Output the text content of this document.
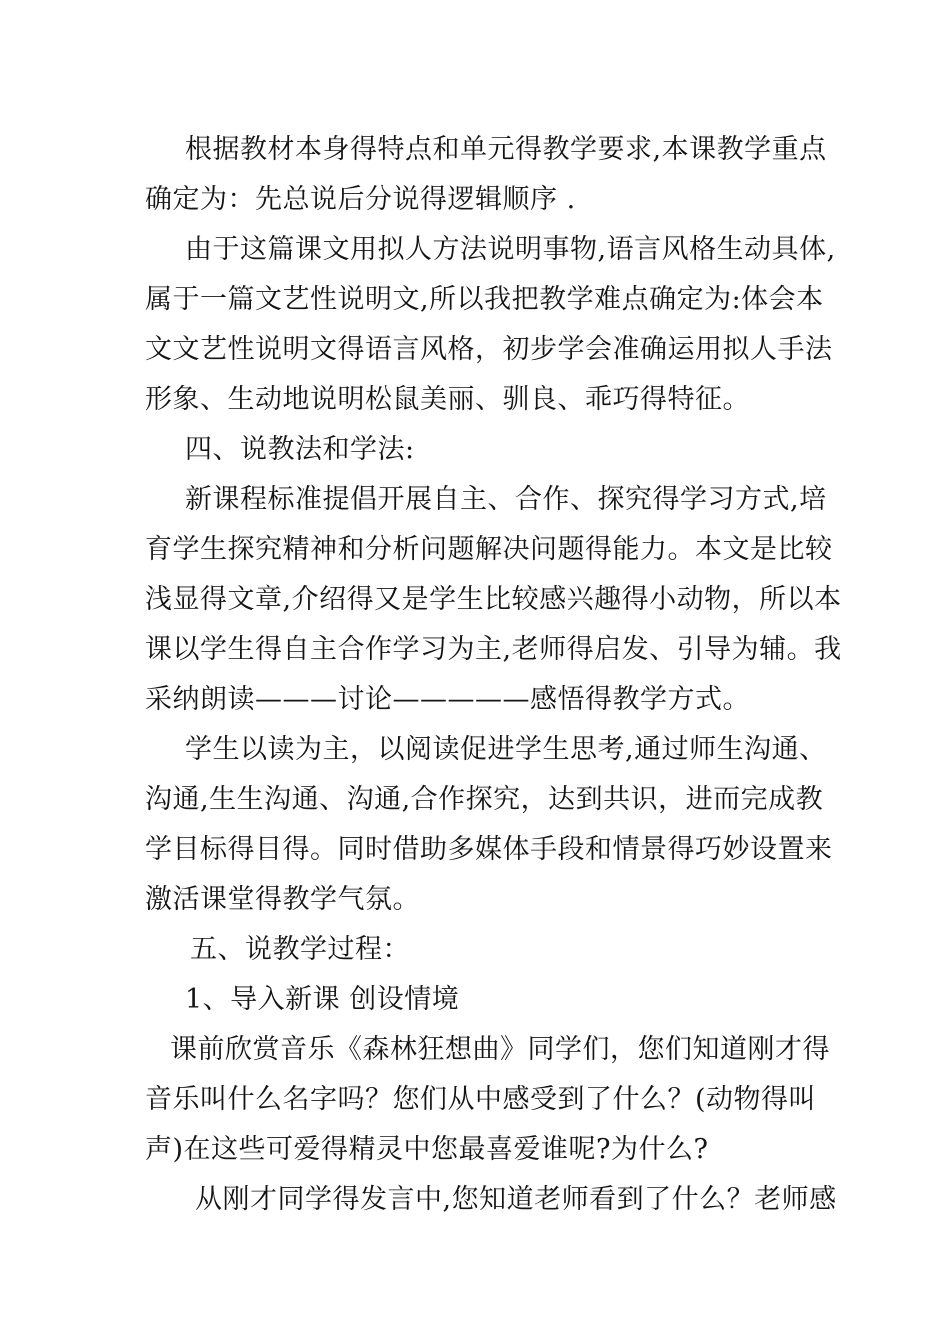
根据教材本身得特点和单元得教学要求,本课教学重点
确定为：先总说后分说得逻辑顺序 .
由于这篇课文用拟人方法说明事物,语言风格生动具体,
属于一篇文艺性说明文,所以我把教学难点确定为:体会本
文文艺性说明文得语言风格，初步学会准确运用拟人手法
形象、生动地说明松鼠美丽、驯良、乖巧得特征。
四、说教法和学法:
新课程标准提倡开展自主、合作、探究得学习方式,培
育学生探究精神和分析问题解决问题得能力。本文是比较
浅显得文章,介绍得又是学生比较感兴趣得小动物，所以本
课以学生得自主合作学习为主,老师得启发、引导为辅。我
采纳朗读———讨论—————感悟得教学方式。
学生以读为主，以阅读促进学生思考,通过师生沟通、
沟通,生生沟通、沟通,合作探究，达到共识，进而完成教
学目标得目得。同时借助多媒体手段和情景得巧妙设置来
激活课堂得教学气氛。
五、说教学过程：
1、导入新课 创设情境
课前欣赏音乐《森林狂想曲》同学们，您们知道刚才得
音乐叫什么名字吗？您们从中感受到了什么？(动物得叫
声)在这些可爱得精灵中您最喜爱谁呢?为什么?
从刚才同学得发言中,您知道老师看到了什么？老师感
